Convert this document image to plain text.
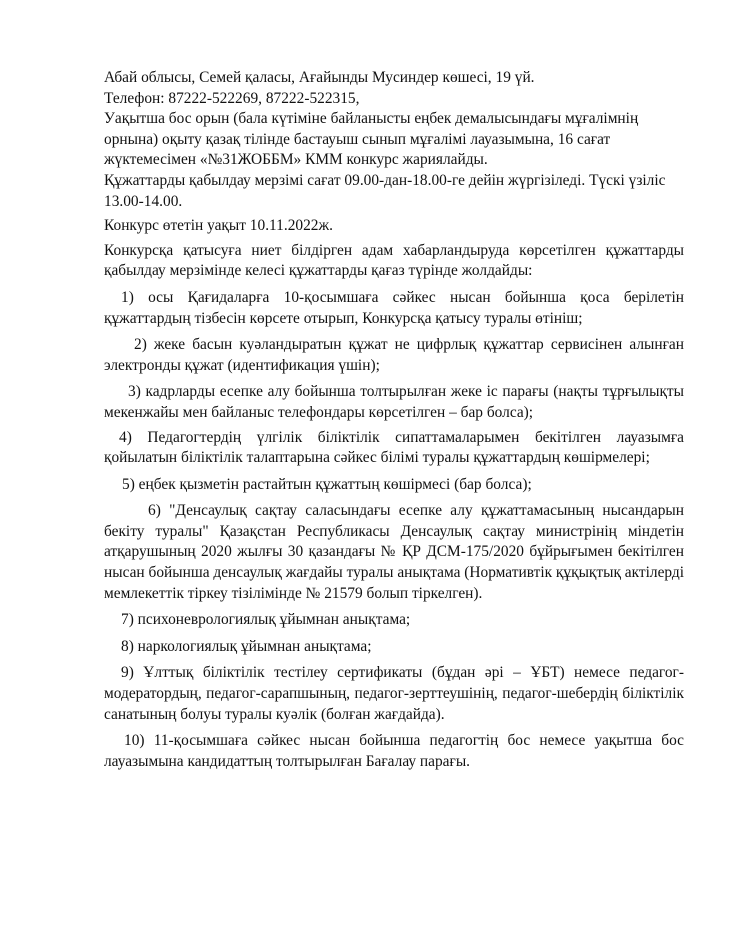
Абай облысы, Семей қаласы, Ағайынды Мусиндер көшесі, 19 үй.

Телефон: 87222-522269, 87222-522315,

Уақытша бос орын (бала күтіміне байланысты еңбек демалысындағы мұғалімнің орнына) оқыту қазақ тілінде бастауыш сынып мұғалімі лауазымына, 16 сағат жүктемесімен «№31ЖОББМ» КММ конкурс жариялайды.

Құжаттарды қабылдау мерзімі сағат 09.00-дан-18.00-ге дейін жүргізіледі. Түскі үзіліс 13.00-14.00.

Конкурс өтетін уақыт 10.11.2022ж.

Конкурсқа қатысуға ниет білдірген адам хабарландыруда көрсетілген құжаттарды қабылдау мерзімінде келесі құжаттарды қағаз түрінде жолдайды:

1) осы Қағидаларға 10-қосымшаға сәйкес нысан бойынша қоса берілетін құжаттардың тізбесін көрсете отырып, Конкурсқа қатысу туралы өтініш;

2) жеке басын куәландыратын құжат не цифрлық құжаттар сервисінен алынған электронды құжат (идентификация үшін);

3) кадрларды есепке алу бойынша толтырылған жеке іс парағы (нақты тұрғылықты мекенжайы мен байланыс телефондары көрсетілген – бар болса);

4) Педагогтердің үлгілік біліктілік сипаттамаларымен бекітілген лауазымға қойылатын біліктілік талаптарына сәйкес білімі туралы құжаттардың көшірмелері;

5) еңбек қызметін растайтын құжаттың көшірмесі (бар болса);

6) "Денсаулық сақтау саласындағы есепке алу құжаттамасының нысандарын бекіту туралы" Қазақстан Республикасы Денсаулық сақтау министрінің міндетін атқарушының 2020 жылғы 30 қазандағы № ҚР ДСМ-175/2020 бұйрығымен бекітілген нысан бойынша денсаулық жағдайы туралы анықтама (Нормативтік құқықтық актілерді мемлекеттік тіркеу тізілімінде № 21579 болып тіркелген).

7) психоневрологиялық ұйымнан анықтама;

8) наркологиялық ұйымнан анықтама;

9) Ұлттық біліктілік тестілеу сертификаты (бұдан әрі – ҰБТ) немесе педагог-модератордың, педагог-сарапшының, педагог-зерттеушінің, педагог-шебердің біліктілік санатының болуы туралы куәлік (болған жағдайда).

10) 11-қосымшаға сәйкес нысан бойынша педагогтің бос немесе уақытша бос лауазымына кандидаттың толтырылған Бағалау парағы.
